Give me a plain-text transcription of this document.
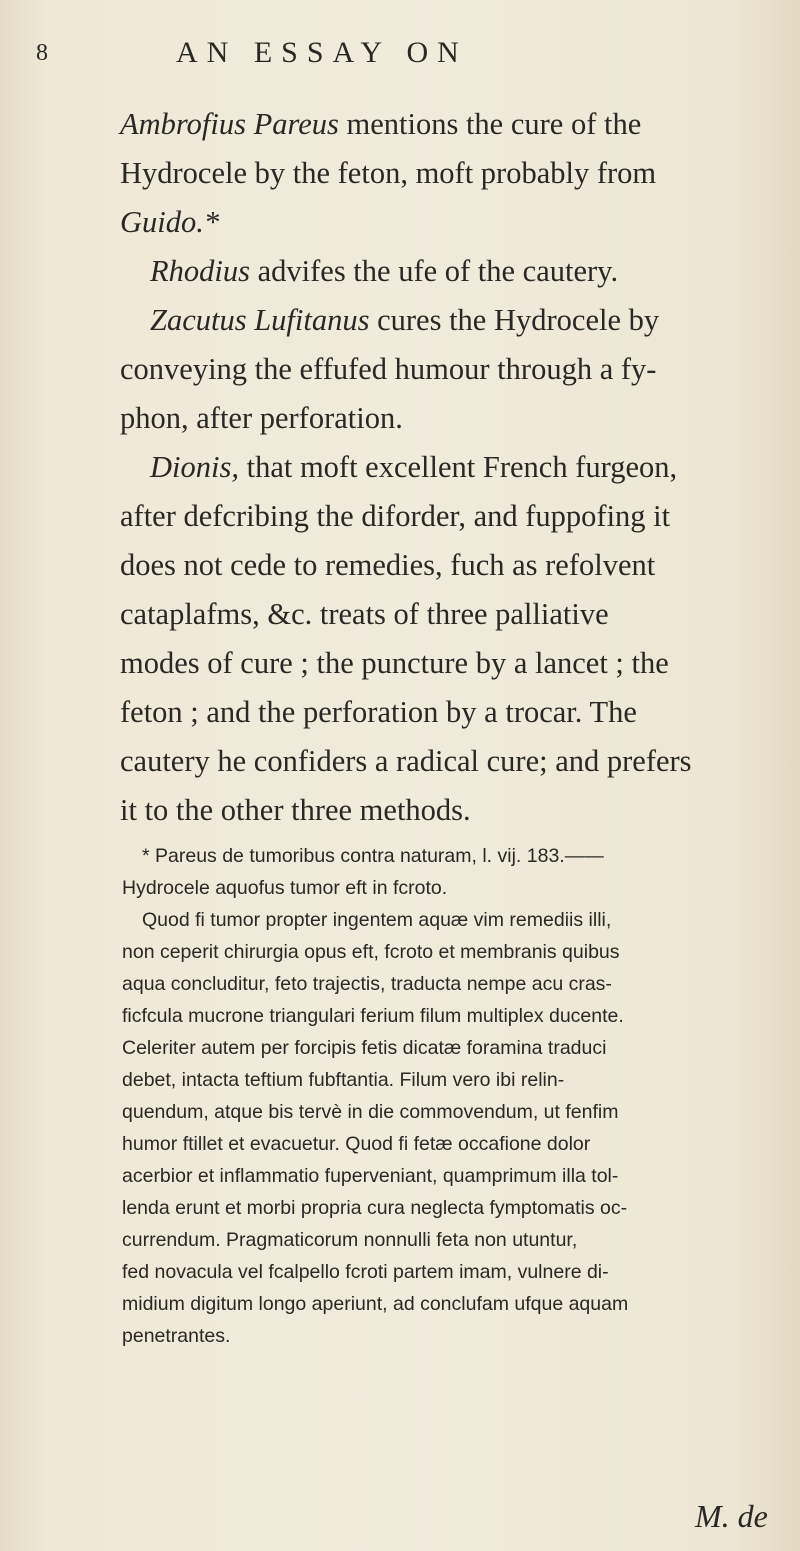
8	AN ESSAY ON
Ambrofius Pareus mentions the cure of the
Hydrocele by the feton, moft probably from
Guido.*
Rhodius advifes the ufe of the cautery.
Zacutus Lufitanus cures the Hydrocele by
conveying the effufed humour through a fy-
phon, after perforation.
Dionis, that moft excellent French furgeon,
after defcribing the diforder, and fuppofing it
does not cede to remedies, fuch as refolvent
cataplafms, &c. treats of three palliative
modes of cure ; the puncture by a lancet ; the
feton ; and the perforation by a trocar. The
cautery he confiders a radical cure; and prefers
it to the other three methods.
* Pareus de tumoribus contra naturam, l. vij. 183.——
Hydrocele aquofus tumor eft in fcroto.
Quod fi tumor propter ingentem aquæ vim remediis illi,
non ceperit chirurgia opus eft, fcroto et membranis quibus
aqua concluditur, feto trajectis, traducta nempe acu cras-
ficfcula mucrone triangulari ferium filum multiplex ducente.
Celeriter autem per forcipis fetis dicatæ foramina traduci
debet, intacta teftium fubftantia. Filum vero ibi relin-
quendum, atque bis tervè in die commovendum, ut fenfim
humor ftillet et evacuetur. Quod fi fetæ occafione dolor
acerbior et inflammatio fuperveniant, quamprimum illa tol-
lenda erunt et morbi propria cura neglecta fymptomatis oc-
currendum. Pragmaticorum nonnulli feta non utuntur,
fed novacula vel fcalpello fcroti partem imam, vulnere di-
midium digitum longo aperiunt, ad conclufam ufque aquam
penetrantes.
M. de
